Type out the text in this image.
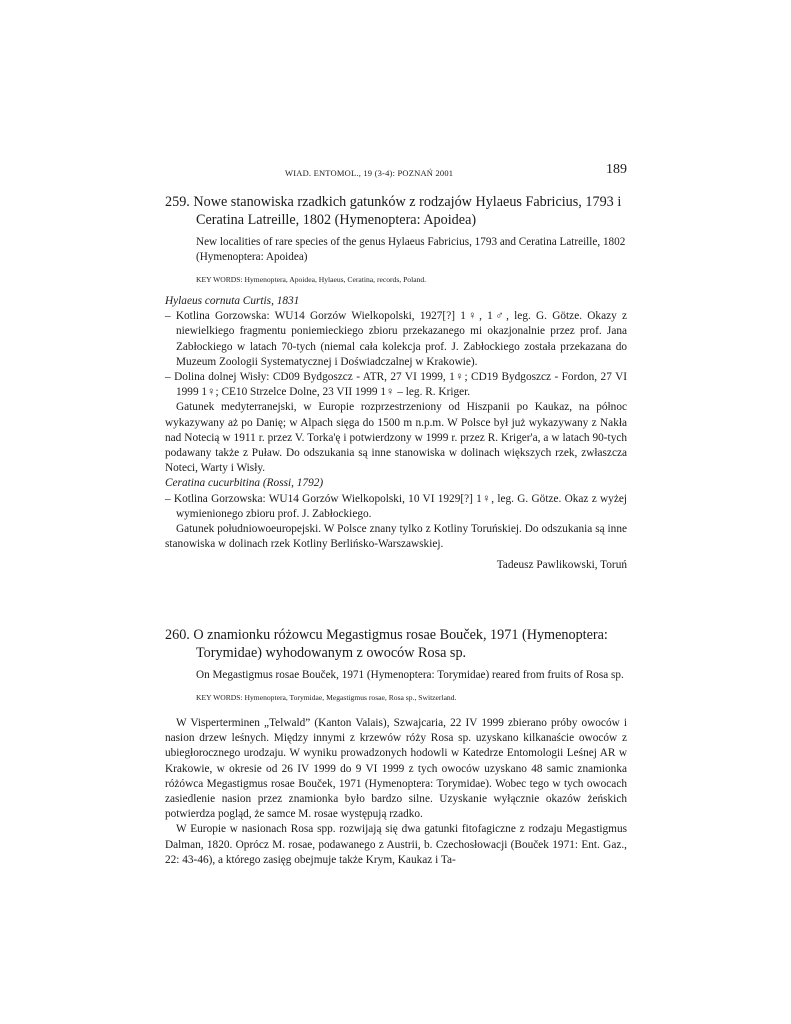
WIAD. ENTOMOL., 19 (3-4): POZNAŃ 2001	189

259. Nowe stanowiska rzadkich gatunków z rodzajów Hylaeus Fabricius, 1793 i Ceratina Latreille, 1802 (Hymenoptera: Apoidea)

New localities of rare species of the genus Hylaeus Fabricius, 1793 and Ceratina Latreille, 1802 (Hymenoptera: Apoidea)

KEY WORDS: Hymenoptera, Apoidea, Hylaeus, Ceratina, records, Poland.

Hylaeus cornuta Curtis, 1831

– Kotlina Gorzowska: WU14 Gorzów Wielkopolski, 1927[?] 1♀, 1♂, leg. G. Götze. Okazy z niewielkiego fragmentu poniemieckiego zbioru przekazanego mi okazjonalnie przez prof. Jana Zabłockiego w latach 70-tych (niemal cała kolekcja prof. J. Zabłockiego została przekazana do Muzeum Zoologii Systematycznej i Doświadczalnej w Krakowie).

– Dolina dolnej Wisły: CD09 Bydgoszcz - ATR, 27 VI 1999, 1♀; CD19 Bydgoszcz - Fordon, 27 VI 1999 1♀; CE10 Strzelce Dolne, 23 VII 1999 1♀ – leg. R. Kriger.

Gatunek medyterranejski, w Europie rozprzestrzeniony od Hiszpanii po Kaukaz, na północ wykazywany aż po Danię; w Alpach sięga do 1500 m n.p.m. W Polsce był już wykazywany z Nakła nad Notecią w 1911 r. przez V. Torka'ę i potwierdzony w 1999 r. przez R. Kriger'a, a w latach 90-tych podawany także z Puław. Do odszukania są inne stanowiska w dolinach większych rzek, zwłaszcza Noteci, Warty i Wisły.

Ceratina cucurbitina (Rossi, 1792)

– Kotlina Gorzowska: WU14 Gorzów Wielkopolski, 10 VI 1929[?] 1♀, leg. G. Götze. Okaz z wyżej wymienionego zbioru prof. J. Zabłockiego.

Gatunek południowoeuropejski. W Polsce znany tylko z Kotliny Toruńskiej. Do odszukania są inne stanowiska w dolinach rzek Kotliny Berlińsko-Warszawskiej.

Tadeusz Pawlikowski, Toruń

260. O znamionku różowcu Megastigmus rosae Bouček, 1971 (Hymenoptera: Torymidae) wyhodowanym z owoców Rosa sp.

On Megastigmus rosae Bouček, 1971 (Hymenoptera: Torymidae) reared from fruits of Rosa sp.

KEY WORDS: Hymenoptera, Torymidae, Megastigmus rosae, Rosa sp., Switzerland.

W Visperterminen „Telwald” (Kanton Valais), Szwajcaria, 22 IV 1999 zbierano próby owoców i nasion drzew leśnych. Między innymi z krzewów róży Rosa sp. uzyskano kilkanaście owoców z ubiegłorocznego urodzaju. W wyniku prowadzonych hodowli w Katedrze Entomologii Leśnej AR w Krakowie, w okresie od 26 IV 1999 do 9 VI 1999 z tych owoców uzyskano 48 samic znamionka różówca Megastigmus rosae Bouček, 1971 (Hymenoptera: Torymidae). Wobec tego w tych owocach zasiedlenie nasion przez znamionka było bardzo silne. Uzyskanie wyłącznie okazów żeńskich potwierdza pogląd, że samce M. rosae występują rzadko.

W Europie w nasionach Rosa spp. rozwijają się dwa gatunki fitofagiczne z rodzaju Megastigmus Dalman, 1820. Oprócz M. rosae, podawanego z Austrii, b. Czechosłowacji (Bouček 1971: Ent. Gaz., 22: 43-46), a którego zasięg obejmuje także Krym, Kaukaz i Ta-
